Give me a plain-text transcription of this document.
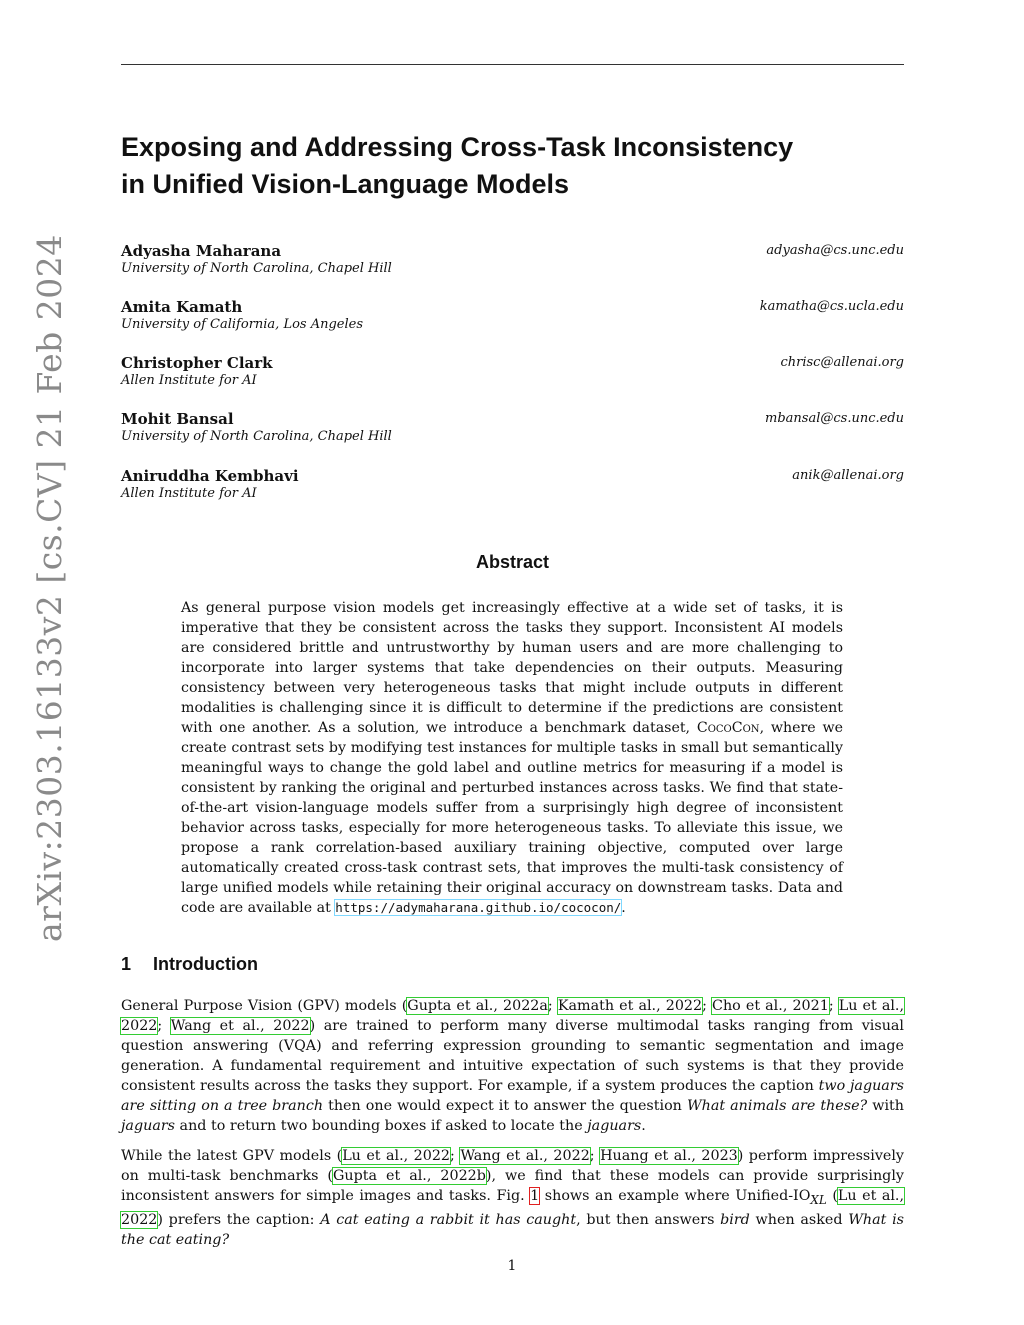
arXiv:2303.16133v2 [cs.CV] 21 Feb 2024
Exposing and Addressing Cross-Task Inconsistency
in Unified Vision-Language Models
Adyasha Maharana
University of North Carolina, Chapel Hill
adyasha@cs.unc.edu
Amita Kamath
University of California, Los Angeles
kamatha@cs.ucla.edu
Christopher Clark
Allen Institute for AI
chrisc@allenai.org
Mohit Bansal
University of North Carolina, Chapel Hill
mbansal@cs.unc.edu
Aniruddha Kembhavi
Allen Institute for AI
anik@allenai.org
Abstract
As general purpose vision models get increasingly effective at a wide set of tasks, it is imperative that they be consistent across the tasks they support. Inconsistent AI models are considered brittle and untrustworthy by human users and are more challenging to incorporate into larger systems that take dependencies on their outputs. Measuring consistency between very heterogeneous tasks that might include outputs in different modalities is challenging since it is difficult to determine if the predictions are consistent with one another. As a solution, we introduce a benchmark dataset, CocoCon, where we create contrast sets by modifying test instances for multiple tasks in small but semantically meaningful ways to change the gold label and outline metrics for measuring if a model is consistent by ranking the original and perturbed instances across tasks. We find that state-of-the-art vision-language models suffer from a surprisingly high degree of inconsistent behavior across tasks, especially for more heterogeneous tasks. To alleviate this issue, we propose a rank correlation-based auxiliary training objective, computed over large automatically created cross-task contrast sets, that improves the multi-task consistency of large unified models while retaining their original accuracy on downstream tasks. Data and code are available at https://adymaharana.github.io/cococon/.
1 Introduction

General Purpose Vision (GPV) models (Gupta et al., 2022a; Kamath et al., 2022; Cho et al., 2021; Lu et al., 2022; Wang et al., 2022) are trained to perform many diverse multimodal tasks ranging from visual question answering (VQA) and referring expression grounding to semantic segmentation and image generation. A fundamental requirement and intuitive expectation of such systems is that they provide consistent results across the tasks they support. For example, if a system produces the caption two jaguars are sitting on a tree branch then one would expect it to answer the question What animals are these? with jaguars and to return two bounding boxes if asked to locate the jaguars.

While the latest GPV models (Lu et al., 2022; Wang et al., 2022; Huang et al., 2023) perform impressively on multi-task benchmarks (Gupta et al., 2022b), we find that these models can provide surprisingly inconsistent answers for simple images and tasks. Fig. 1 shows an example where Unified-$IO_{XL}$ (Lu et al., 2022) prefers the caption: A cat eating a rabbit it has caught, but then answers bird when asked What is the cat eating?

1
